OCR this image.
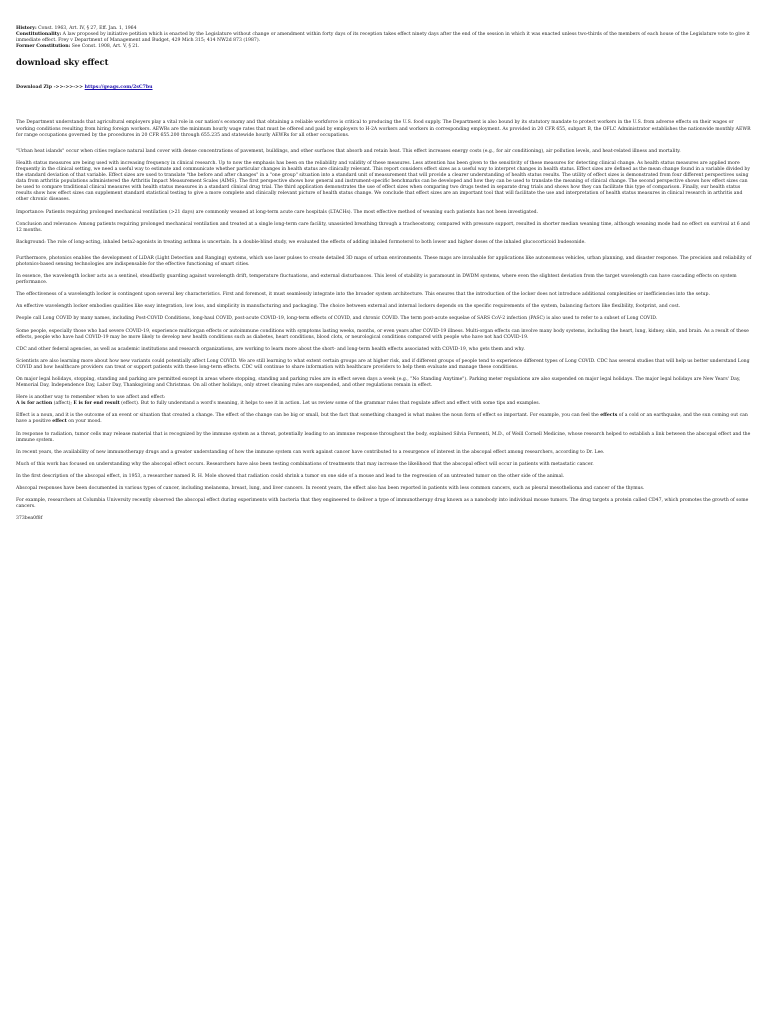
History: Const. 1963, Art. IV, § 27, Eff. Jan. 1, 1964

Constitutionality: A law proposed by initiative petition which is enacted by the Legislature without change or amendment within forty days of its reception takes effect ninety days after the end of the session in which it was enacted unless two-thirds of the members of each house of the Legislature vote to give it immediate effect. Frey v Department of Management and Budget, 429 Mich 315; 414 NW2d 873 (1987).

Former Constitution: See Const. 1908, Art. V, § 21.

download sky effect
Download Zip ->>->>->> https://geags.com/2sC7bu

The Department understands that agricultural employers play a vital role in our nation's economy and that obtaining a reliable workforce is critical to producing the U.S. food supply. The Department is also bound by its statutory mandate to protect workers in the U.S. from adverse effects on their wages or working conditions resulting from hiring foreign workers. AEWRs are the minimum hourly wage rates that must be offered and paid by employers to H-2A workers and workers in corresponding employment. As provided in 20 CFR 655, subpart B, the OFLC Administrator establishes the nationwide monthly AEWR for range occupations governed by the procedures in 20 CFR 655.200 through 655.235 and statewide hourly AEWRs for all other occupations.

"Urban heat islands" occur when cities replace natural land cover with dense concentrations of pavement, buildings, and other surfaces that absorb and retain heat. This effect increases energy costs (e.g., for air conditioning), air pollution levels, and heat-related illness and mortality.

Health status measures are being used with increasing frequency in clinical research. Up to now the emphasis has been on the reliability and validity of these measures. Less attention has been given to the sensitivity of these measures for detecting clinical change. As health status measures are applied more frequently in the clinical setting, we need a useful way to estimate and communicate whether particular changes in health status are clinically relevant. This report considers effect sizes as a useful way to interpret changes in health status. Effect sizes are defined as the mean change found in a variable divided by the standard deviation of that variable. Effect sizes are used to translate "the before and after changes" in a "one group" situation into a standard unit of measurement that will provide a clearer understanding of health status results. The utility of effect sizes is demonstrated from four different perspectives using data from arthritis populations administered the Arthritis Impact Measurement Scales (AIMS). The first perspective shows how general and instrument-specific benchmarks can be developed and how they can be used to translate the meaning of clinical change. The second perspective shows how effect sizes can be used to compare traditional clinical measures with health status measures in a standard clinical drug trial. The third application demonstrates the use of effect sizes when comparing two drugs tested in separate drug trials and shows how they can facilitate this type of comparison. Finally, our health status results show how effect sizes can supplement standard statistical testing to give a more complete and clinically relevant picture of health status change. We conclude that effect sizes are an important tool that will facilitate the use and interpretation of health status measures in clinical research in arthritis and other chronic diseases.

Importance: Patients requiring prolonged mechanical ventilation (>21 days) are commonly weaned at long-term acute care hospitals (LTACHs). The most effective method of weaning such patients has not been investigated.

Conclusion and relevance: Among patients requiring prolonged mechanical ventilation and treated at a single long-term care facility, unassisted breathing through a tracheostomy, compared with pressure support, resulted in shorter median weaning time, although weaning mode had no effect on survival at 6 and 12 months.

Background: The role of long-acting, inhaled beta2-agonists in treating asthma is uncertain. In a double-blind study, we evaluated the effects of adding inhaled formoterol to both lower and higher doses of the inhaled glucocorticoid budesonide.

Furthermore, photonics enables the development of LiDAR (Light Detection and Ranging) systems, which use laser pulses to create detailed 3D maps of urban environments. These maps are invaluable for applications like autonomous vehicles, urban planning, and disaster response. The precision and reliability of photonics-based sensing technologies are indispensable for the effective functioning of smart cities.

In essence, the wavelength locker acts as a sentinel, steadfastly guarding against wavelength drift, temperature fluctuations, and external disturbances. This level of stability is paramount in DWDM systems, where even the slightest deviation from the target wavelength can have cascading effects on system performance.

The effectiveness of a wavelength locker is contingent upon several key characteristics. First and foremost, it must seamlessly integrate into the broader system architecture. This ensures that the introduction of the locker does not introduce additional complexities or inefficiencies into the setup.

An effective wavelength locker embodies qualities like easy integration, low loss, and simplicity in manufacturing and packaging. The choice between external and internal lockers depends on the specific requirements of the system, balancing factors like flexibility, footprint, and cost.

People call Long COVID by many names, including Post-COVID Conditions, long-haul COVID, post-acute COVID-19, long-term effects of COVID, and chronic COVID. The term post-acute sequelae of SARS CoV-2 infection (PASC) is also used to refer to a subset of Long COVID.

Some people, especially those who had severe COVID-19, experience multiorgan effects or autoimmune conditions with symptoms lasting weeks, months, or even years after COVID-19 illness. Multi-organ effects can involve many body systems, including the heart, lung, kidney, skin, and brain. As a result of these effects, people who have had COVID-19 may be more likely to develop new health conditions such as diabetes, heart conditions, blood clots, or neurological conditions compared with people who have not had COVID-19.

CDC and other federal agencies, as well as academic institutions and research organizations, are working to learn more about the short- and long-term health effects associated with COVID-19, who gets them and why.

Scientists are also learning more about how new variants could potentially affect Long COVID. We are still learning to what extent certain groups are at higher risk, and if different groups of people tend to experience different types of Long COVID. CDC has several studies that will help us better understand Long COVID and how healthcare providers can treat or support patients with these long-term effects. CDC will continue to share information with healthcare providers to help them evaluate and manage these conditions.

On major legal holidays, stopping, standing and parking are permitted except in areas where stopping, standing and parking rules are in effect seven days a week (e.g., "No Standing Anytime"). Parking meter regulations are also suspended on major legal holidays. The major legal holidays are New Years' Day, Memorial Day, Independence Day, Labor Day, Thanksgiving and Christmas. On all other holidays, only street cleaning rules are suspended, and other regulations remain in effect.

Here is another way to remember when to use affect and effect:

A is for action (affect); E is for end result (effect). But to fully understand a word's meaning, it helps to see it in action. Let us review some of the grammar rules that regulate affect and effect with some tips and examples.

Effect is a noun, and it is the outcome of an event or situation that created a change. The effect of the change can be big or small, but the fact that something changed is what makes the noun form of effect so important. For example, you can feel the effects of a cold or an earthquake, and the sun coming out can have a positive effect on your mood.

In response to radiation, tumor cells may release material that is recognized by the immune system as a threat, potentially leading to an immune response throughout the body, explained Silvia Formenti, M.D., of Weill Cornell Medicine, whose research helped to establish a link between the abscopal effect and the immune system.

In recent years, the availability of new immunotherapy drugs and a greater understanding of how the immune system can work against cancer have contributed to a resurgence of interest in the abscopal effect among researchers, according to Dr. Lee.

Much of this work has focused on understanding why the abscopal effect occurs. Researchers have also been testing combinations of treatments that may increase the likelihood that the abscopal effect will occur in patients with metastatic cancer.

In the first description of the abscopal effect, in 1953, a researcher named R. H. Mole showed that radiation could shrink a tumor on one side of a mouse and lead to the regression of an untreated tumor on the other side of the animal.

Abscopal responses have been documented in various types of cancer, including melanoma, breast, lung, and liver cancers. In recent years, the effect also has been reported in patients with less common cancers, such as pleural mesothelioma and cancer of the thymus.

For example, researchers at Columbia University recently observed the abscopal effect during experiments with bacteria that they engineered to deliver a type of immunotherapy drug known as a nanobody into individual mouse tumors. The drug targets a protein called CD47, which promotes the growth of some cancers.

373bea0f8f
